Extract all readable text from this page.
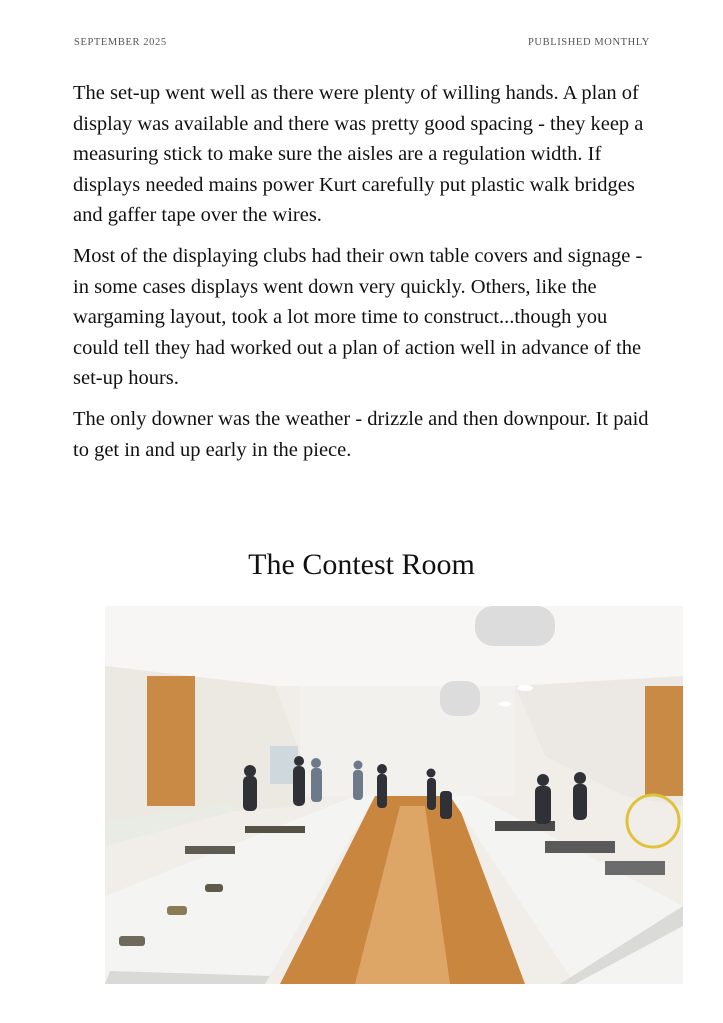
SEPTEMBER 2025	PUBLISHED MONTHLY

The set-up went well as there were plenty of willing hands. A plan of display was available and there was pretty good spacing - they keep a measuring stick to make sure the aisles are a regulation width. If displays needed mains power Kurt carefully put plastic walk bridges and gaffer tape over the wires.

Most of the displaying clubs had their own table covers and signage - in some cases displays went down very quickly. Others, like the wargaming layout, took a lot more time to construct...though you could tell they had worked out a plan of action well in advance of the set-up hours.

The only downer was the weather - drizzle and then downpour. It paid to get in and up early in the piece.

The Contest Room
